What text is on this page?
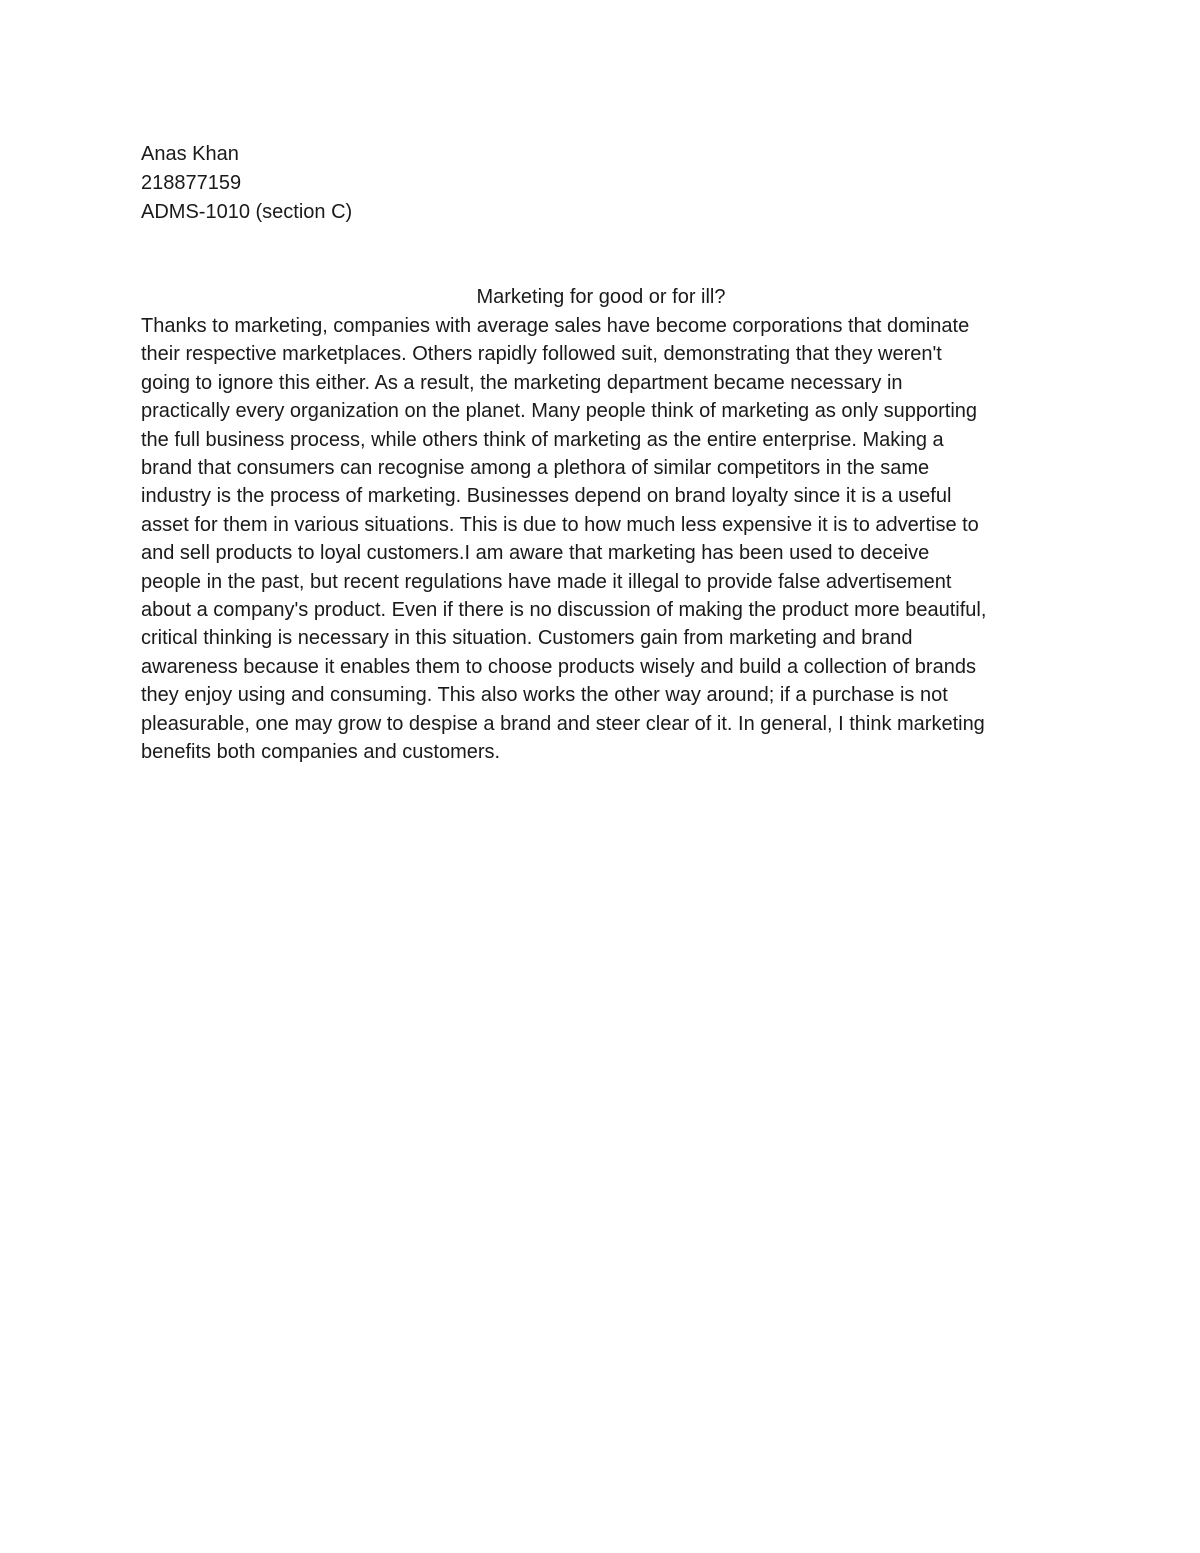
Anas Khan
218877159
ADMS-1010 (section C)
Marketing for good or for ill?
Thanks to marketing, companies with average sales have become corporations that dominate
their respective marketplaces. Others rapidly followed suit, demonstrating that they weren't
going to ignore this either. As a result, the marketing department became necessary in
practically every organization on the planet. Many people think of marketing as only supporting
the full business process, while others think of marketing as the entire enterprise. Making a
brand that consumers can recognise among a plethora of similar competitors in the same
industry is the process of marketing. Businesses depend on brand loyalty since it is a useful
asset for them in various situations. This is due to how much less expensive it is to advertise to
and sell products to loyal customers.I am aware that marketing has been used to deceive
people in the past, but recent regulations have made it illegal to provide false advertisement
about a company's product. Even if there is no discussion of making the product more beautiful,
critical thinking is necessary in this situation. Customers gain from marketing and brand
awareness because it enables them to choose products wisely and build a collection of brands
they enjoy using and consuming. This also works the other way around; if a purchase is not
pleasurable, one may grow to despise a brand and steer clear of it. In general, I think marketing
benefits both companies and customers.
